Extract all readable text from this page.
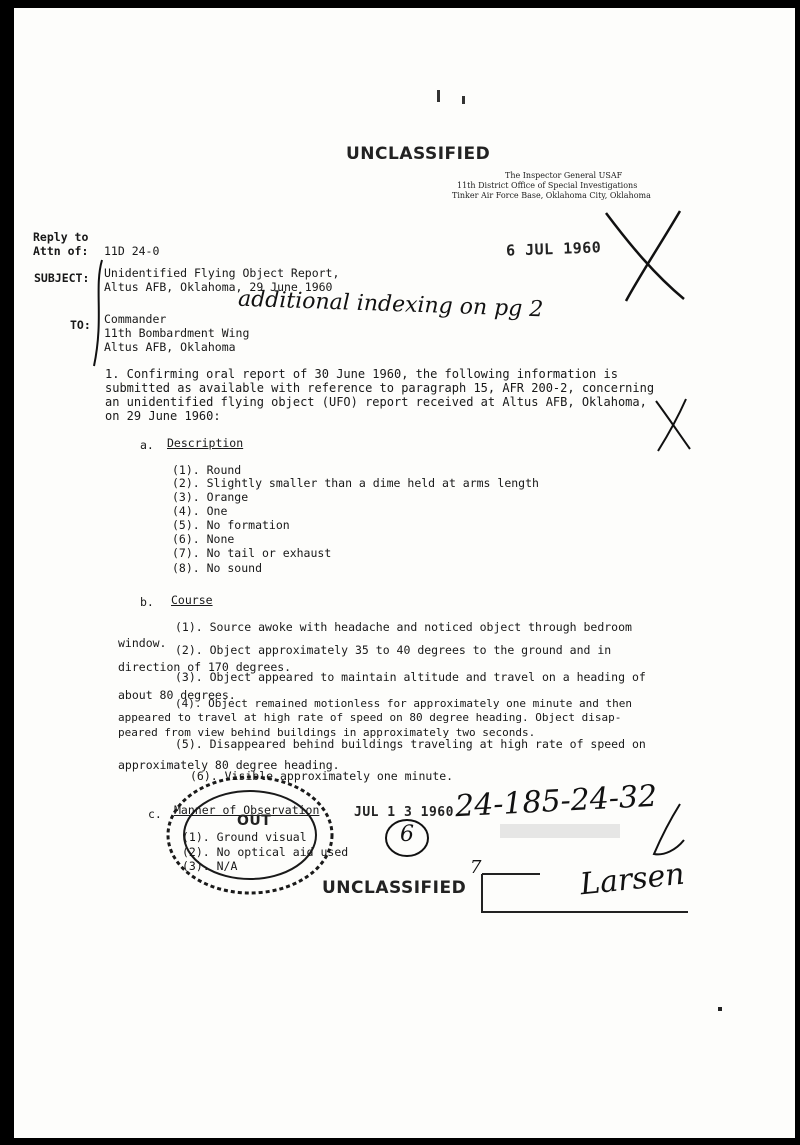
UNCLASSIFIED
The Inspector General USAF
11th District Office of Special Investigations
Tinker Air Force Base, Oklahoma City, Oklahoma
Reply to
Attn of: 11D 24-0	6 JUL 1960
SUBJECT: Unidentified Flying Object Report,
Altus AFB, Oklahoma, 29 June 1960
additional indexing on pg 2
TO: Commander
11th Bombardment Wing
Altus AFB, Oklahoma
1. Confirming oral report of 30 June 1960, the following information is
submitted as available with reference to paragraph 15, AFR 200-2, concerning
an unidentified flying object (UFO) report received at Altus AFB, Oklahoma,
on 29 June 1960:
a. Description
(1). Round
(2). Slightly smaller than a dime held at arms length
(3). Orange
(4). One
(5). No formation
(6). None
(7). No tail or exhaust
(8). No sound
b. Course
(1). Source awoke with headache and noticed object through bedroom
window. (2). Object approximately 35 to 40 degrees to the ground and in
direction of 170 degrees.
(3). Object appeared to maintain altitude and travel on a heading of
about 80 degrees.
(4). Object remained motionless for approximately one minute and then
appeared to travel at high rate of speed on 80 degree heading. Object disap-
peared from view behind buildings in approximately two seconds.
(5). Disappeared behind buildings traveling at high rate of speed on
approximately 80 degree heading.
(6). Visible approximately one minute.
c. Manner of Observation
(1). Ground visual
(2). No optical aid used
(3). N/A
OUT
JUL 1 3 1960
6
24-185-24-32
7
UNCLASSIFIED	Larsen
